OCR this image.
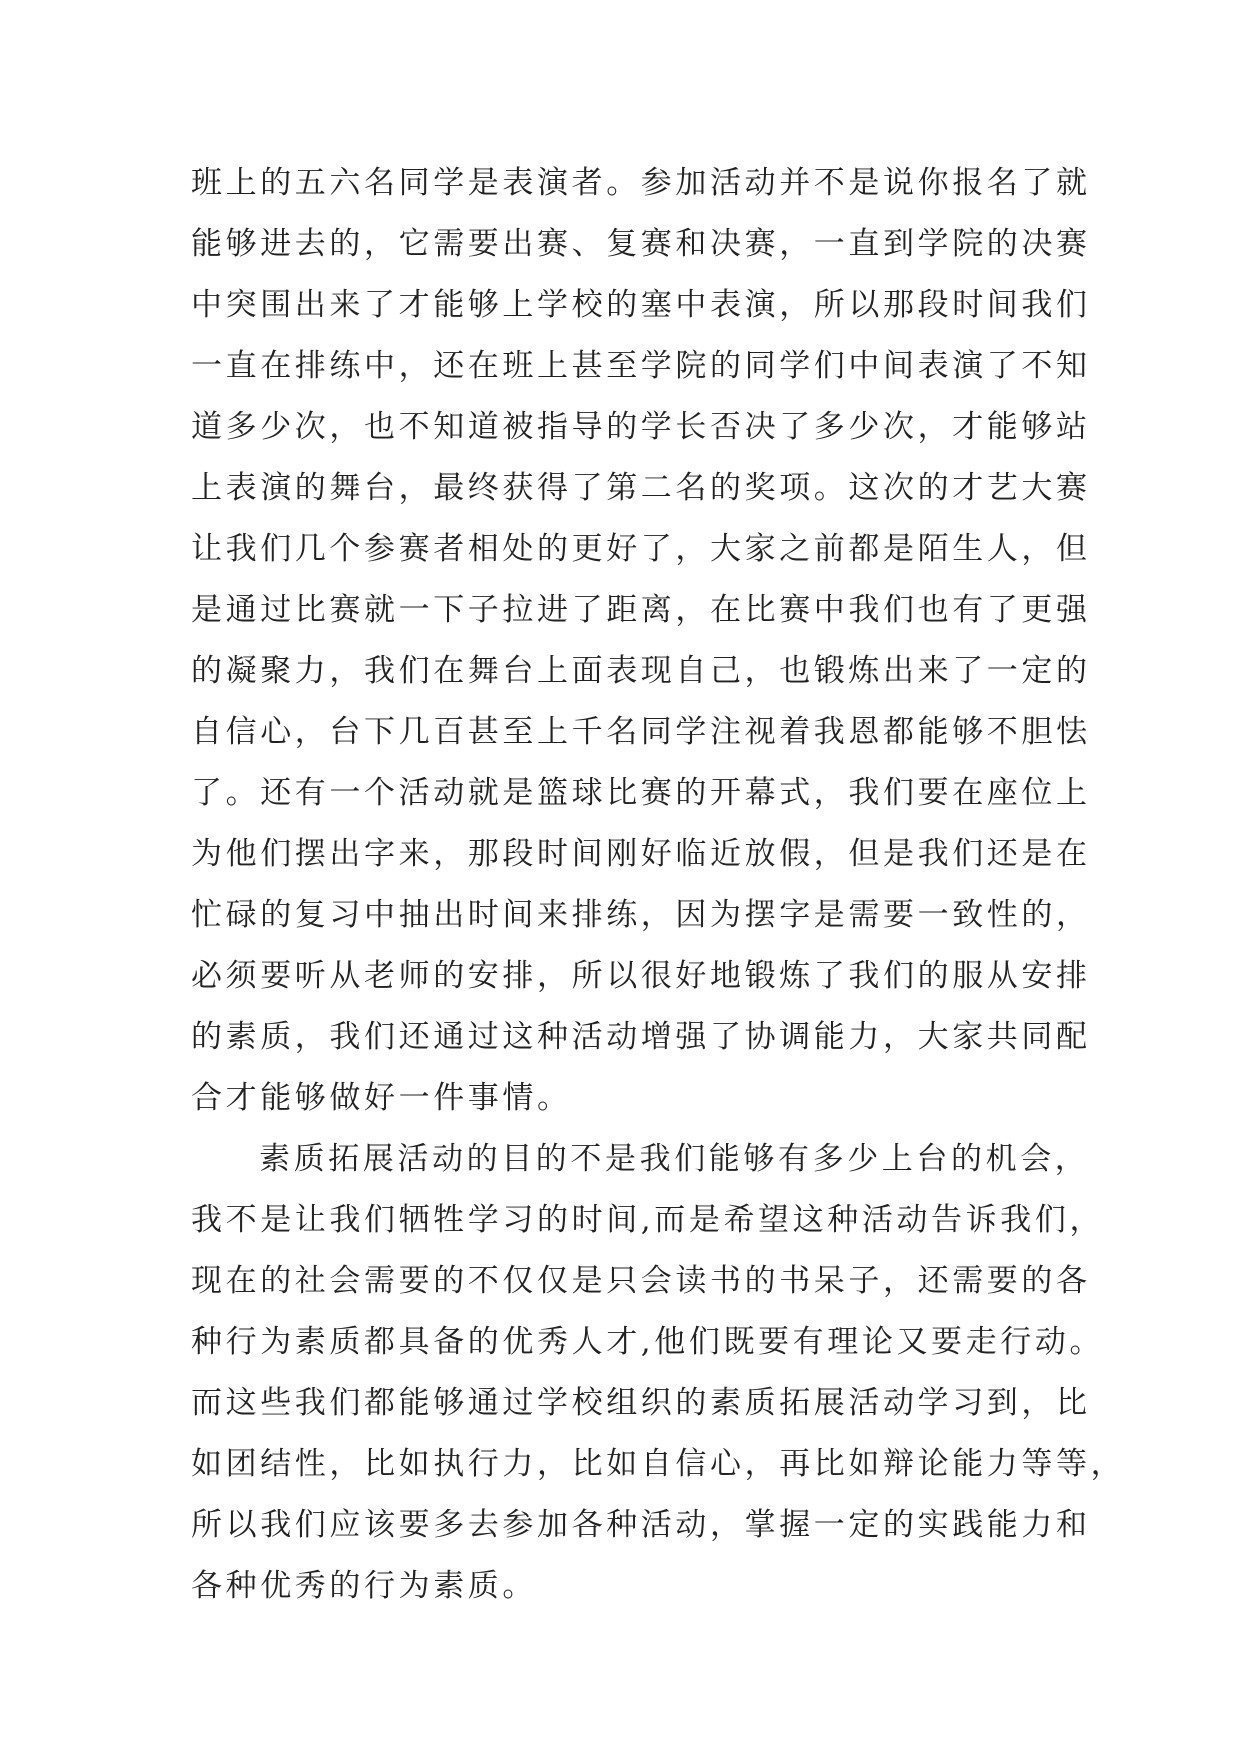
班上的五六名同学是表演者。参加活动并不是说你报名了就
能够进去的，它需要出赛、复赛和决赛，一直到学院的决赛
中突围出来了才能够上学校的塞中表演，所以那段时间我们
一直在排练中，还在班上甚至学院的同学们中间表演了不知
道多少次，也不知道被指导的学长否决了多少次，才能够站
上表演的舞台，最终获得了第二名的奖项。这次的才艺大赛
让我们几个参赛者相处的更好了，大家之前都是陌生人，但
是通过比赛就一下子拉进了距离，在比赛中我们也有了更强
的凝聚力，我们在舞台上面表现自己，也锻炼出来了一定的
自信心，台下几百甚至上千名同学注视着我恩都能够不胆怯
了。还有一个活动就是篮球比赛的开幕式，我们要在座位上
为他们摆出字来，那段时间刚好临近放假，但是我们还是在
忙碌的复习中抽出时间来排练，因为摆字是需要一致性的，
必须要听从老师的安排，所以很好地锻炼了我们的服从安排
的素质，我们还通过这种活动增强了协调能力，大家共同配
合才能够做好一件事情。
素质拓展活动的目的不是我们能够有多少上台的机会，
我不是让我们牺牲学习的时间,而是希望这种活动告诉我们，
现在的社会需要的不仅仅是只会读书的书呆子，还需要的各
种行为素质都具备的优秀人才,他们既要有理论又要走行动。
而这些我们都能够通过学校组织的素质拓展活动学习到，比
如团结性，比如执行力，比如自信心，再比如辩论能力等等，
所以我们应该要多去参加各种活动，掌握一定的实践能力和
各种优秀的行为素质。
